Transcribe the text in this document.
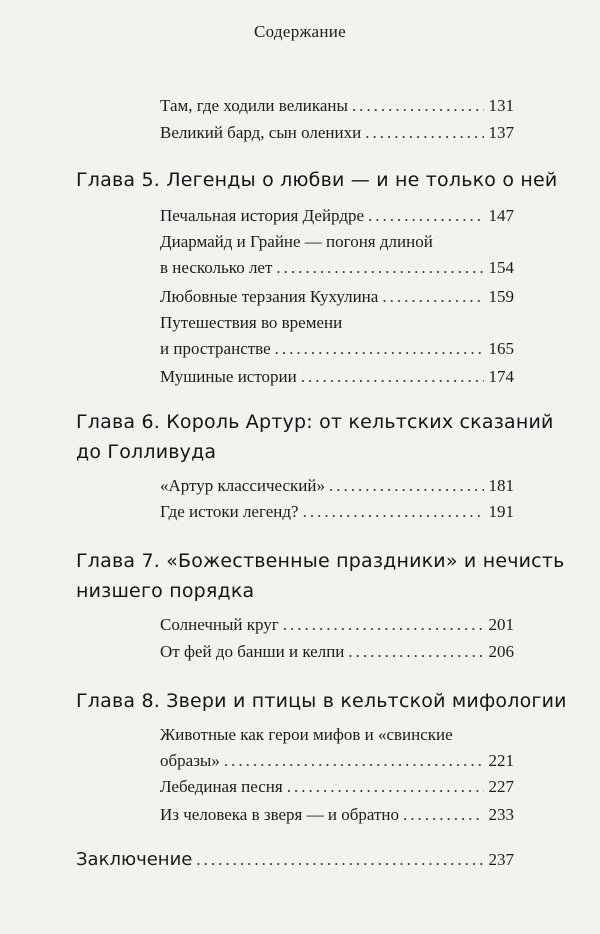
Содержание
Там, где ходили великаны .....	131
Великий бард, сын оленихи .....	137
Глава 5. Легенды о любви — и не только о ней
Печальная история Дейрдре .....	147
Диармайд и Грайне — погоня длиной
в несколько лет .....	154
Любовные терзания Кухулина .....	159
Путешествия во времени
и пространстве .....	165
Мушиные истории .....	174
Глава 6. Король Артур: от кельтских сказаний
до Голливуда
«Артур классический» .....	181
Где истоки легенд? .....	191
Глава 7. «Божественные праздники» и нечисть
низшего порядка
Солнечный круг .....	201
От фей до банши и келпи .....	206
Глава 8. Звери и птицы в кельтской мифологии
Животные как герои мифов и «свинские
образы» .....	221
Лебединая песня .....	227
Из человека в зверя — и обратно .....	233
Заключение .....	237
